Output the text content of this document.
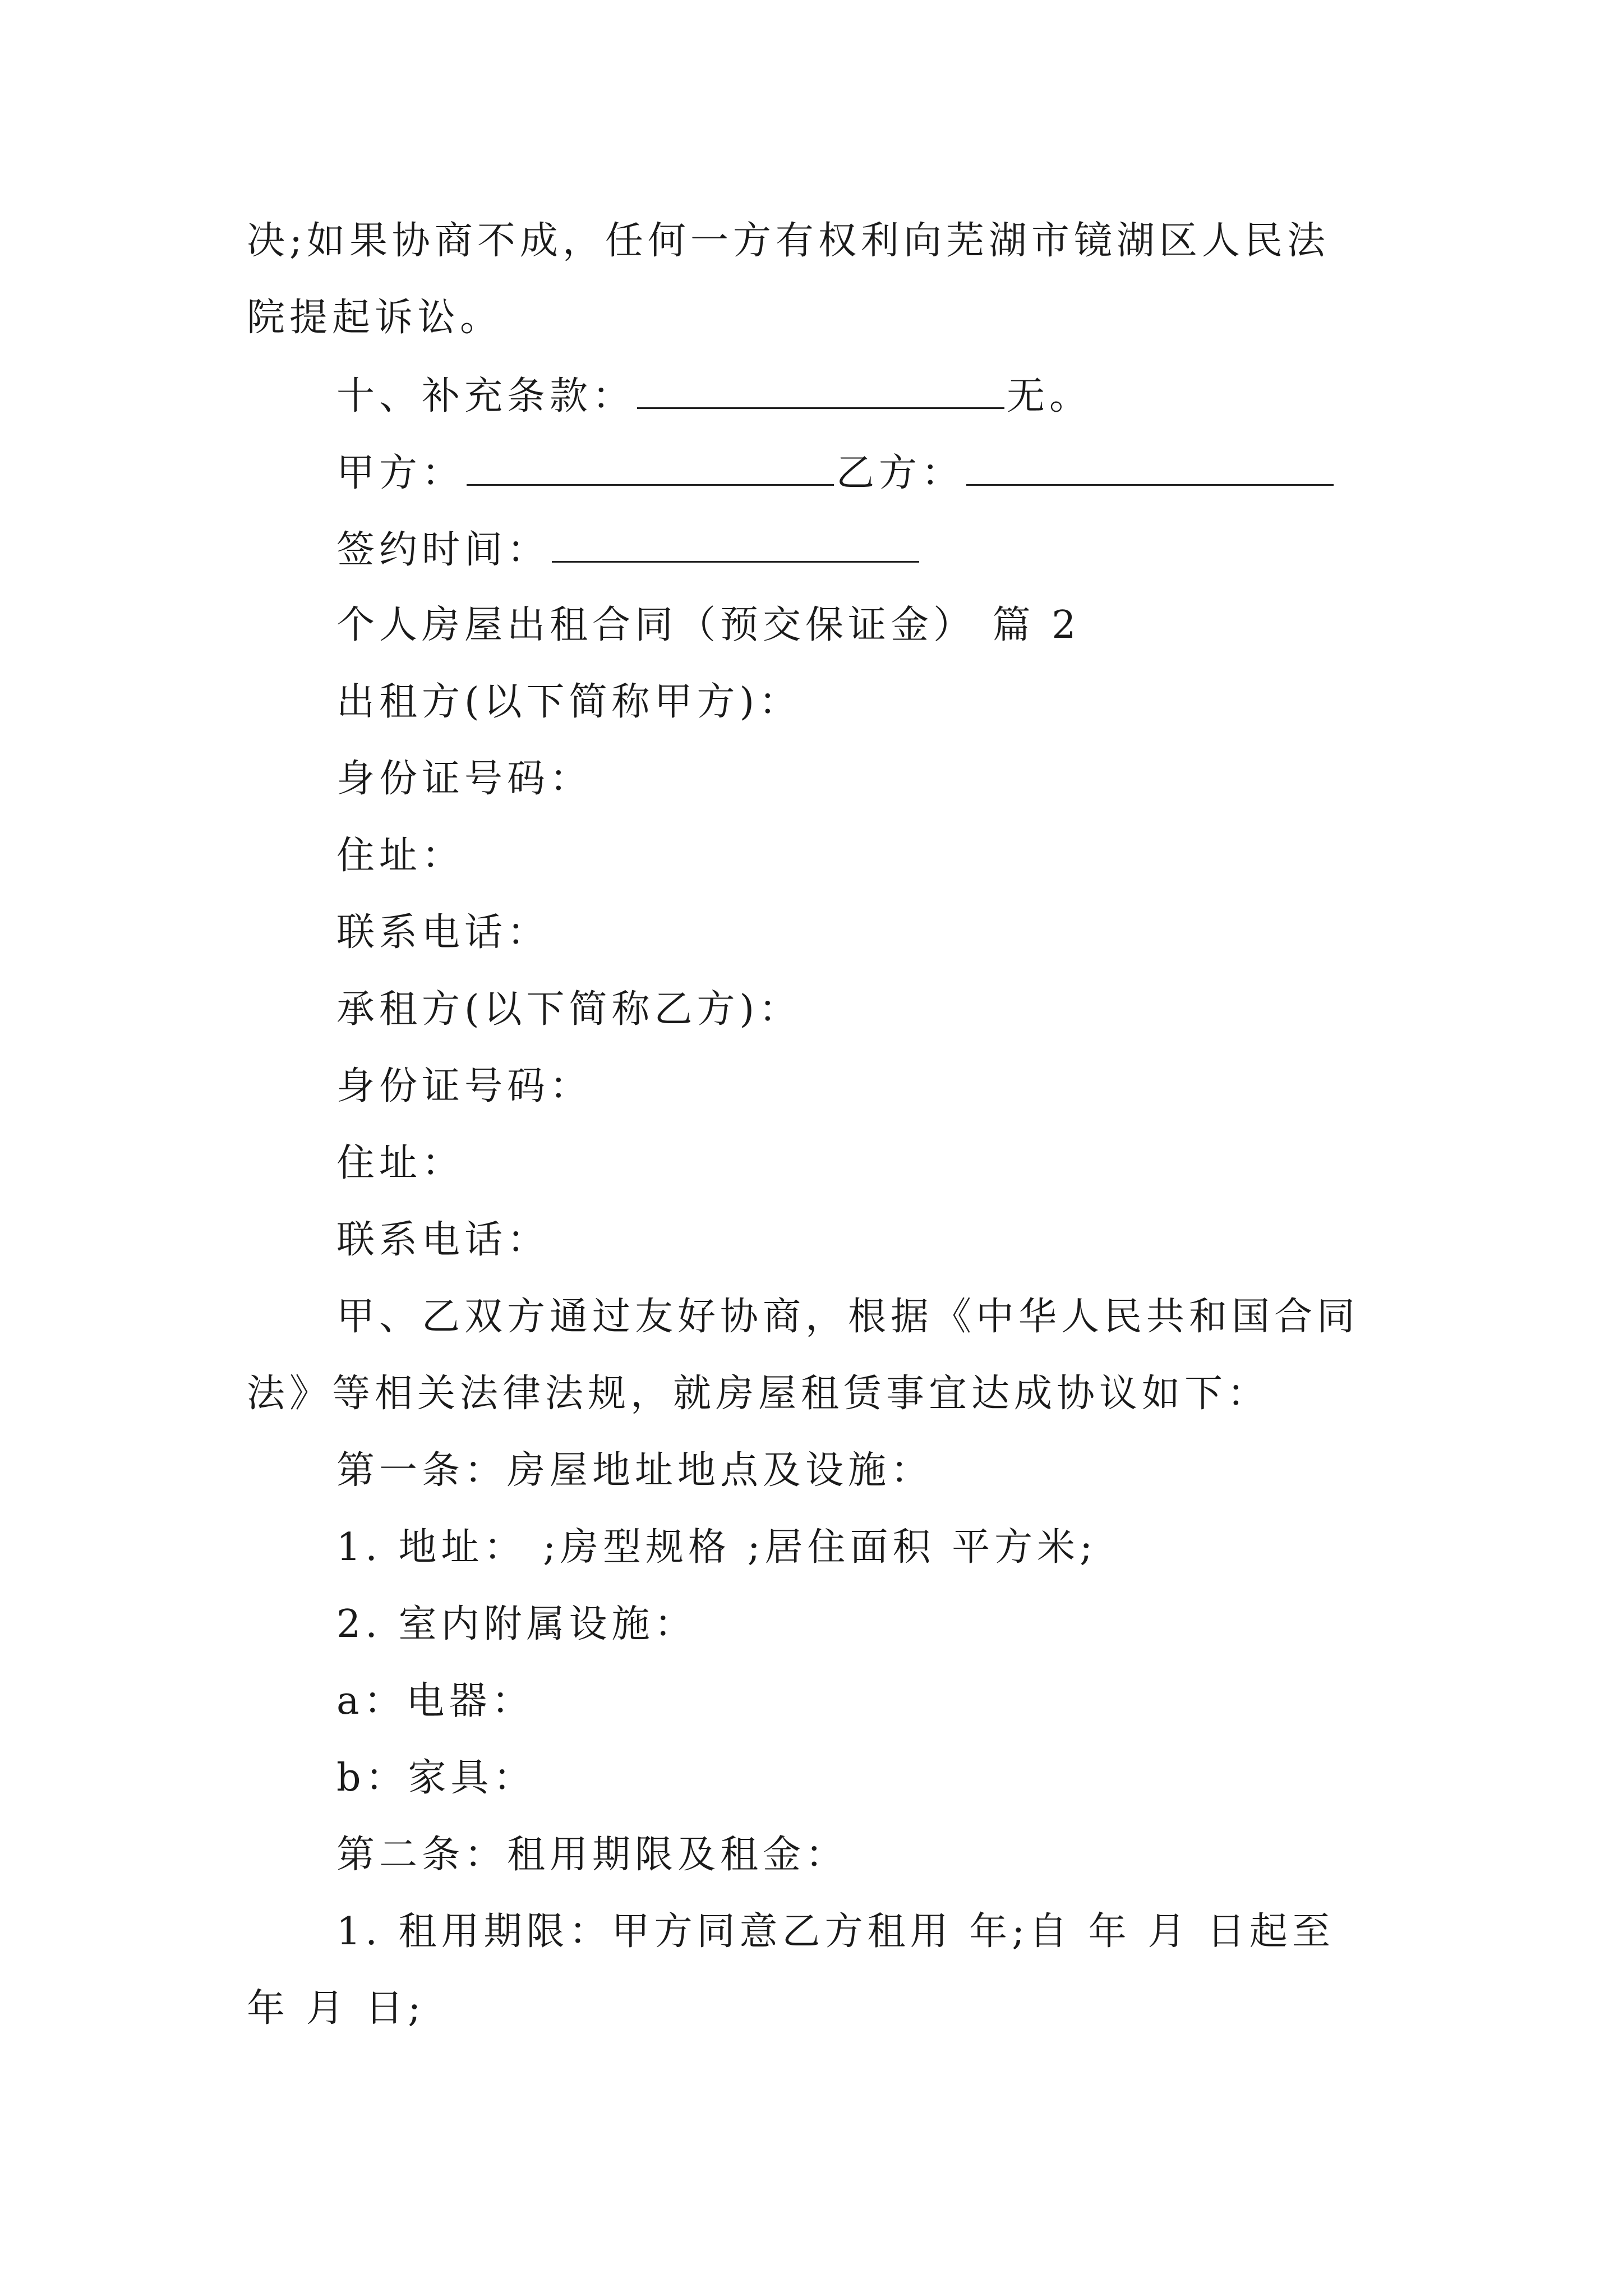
决;如果协商不成，任何一方有权利向芜湖市镜湖区人民法
院提起诉讼。
十、补充条款：	无。
甲方：	乙方：
签约时间：
个人房屋出租合同（预交保证金） 篇 2
出租方(以下简称甲方)：
身份证号码：
住址：
联系电话：
承租方(以下简称乙方)：
身份证号码：
住址：
联系电话：
甲、乙双方通过友好协商，根据《中华人民共和国合同
法》等相关法律法规，就房屋租赁事宜达成协议如下：
第一条：房屋地址地点及设施：
1. 地址： ;房型规格 ;居住面积 平方米;
2. 室内附属设施：
a：电器：
b：家具：
第二条：租用期限及租金：
1. 租用期限：甲方同意乙方租用 年;自 年 月 日起至
年 月 日;
